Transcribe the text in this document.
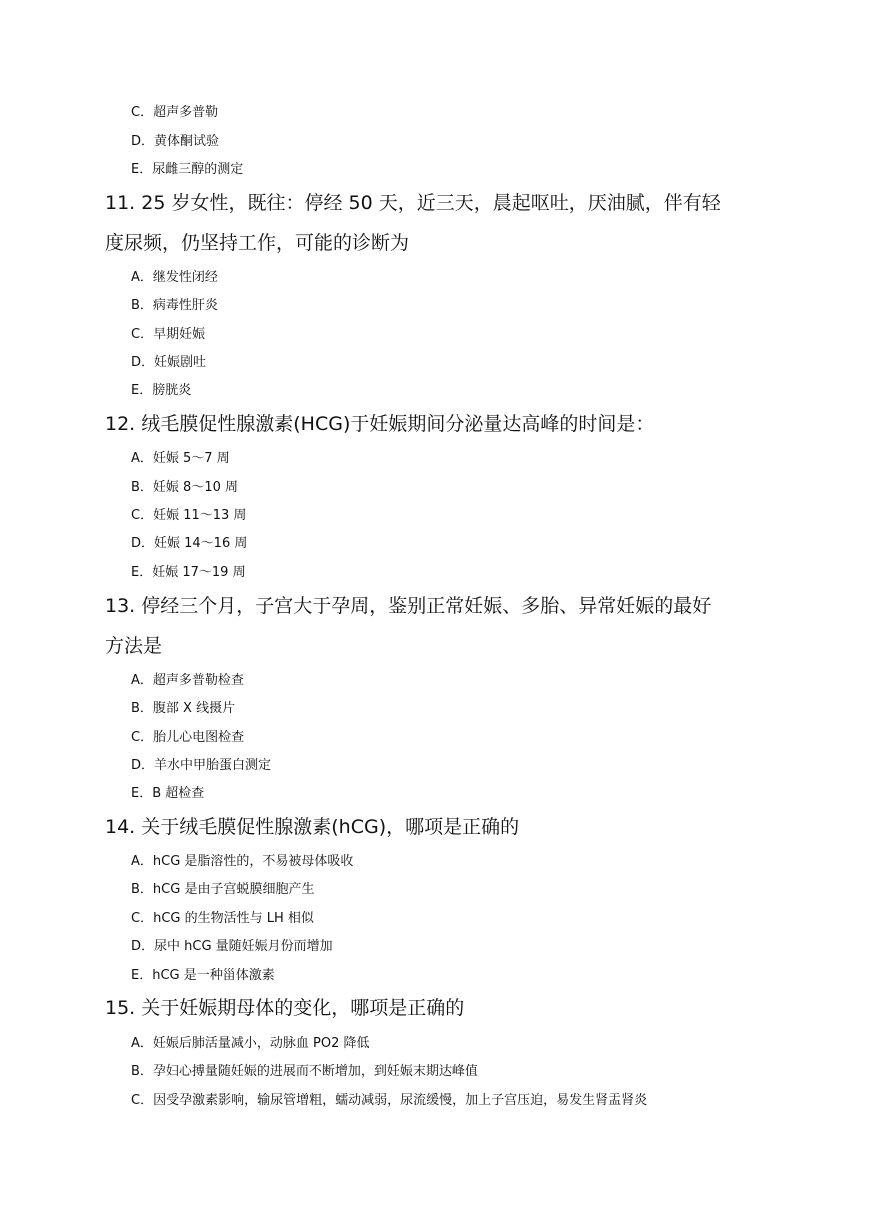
C．超声多普勒
D．黄体酮试验
E．尿雌三醇的测定
11. 25 岁女性，既往：停经 50 天，近三天，晨起呕吐，厌油腻，伴有轻
度尿频，仍坚持工作，可能的诊断为
A．继发性闭经
B．病毒性肝炎
C．早期妊娠
D．妊娠剧吐
E．膀胱炎
12. 绒毛膜促性腺激素(HCG)于妊娠期间分泌量达高峰的时间是：
A．妊娠 5～7 周
B．妊娠 8～10 周
C．妊娠 11～13 周
D．妊娠 14～16 周
E．妊娠 17～19 周
13. 停经三个月，子宫大于孕周，鉴别正常妊娠、多胎、异常妊娠的最好
方法是
A．超声多普勒检查
B．腹部 X 线摄片
C．胎儿心电图检查
D．羊水中甲胎蛋白测定
E．B 超检查
14. 关于绒毛膜促性腺激素(hCG)，哪项是正确的
A．hCG 是脂溶性的，不易被母体吸收
B．hCG 是由子宫蜕膜细胞产生
C．hCG 的生物活性与 LH 相似
D．尿中 hCG 量随妊娠月份而增加
E．hCG 是一种甾体激素
15. 关于妊娠期母体的变化，哪项是正确的
A．妊娠后肺活量减小，动脉血 PO2 降低
B．孕妇心搏量随妊娠的进展而不断增加，到妊娠末期达峰值
C．因受孕激素影响，输尿管增粗，蠕动减弱，尿流缓慢，加上子宫压迫，易发生肾盂肾炎
